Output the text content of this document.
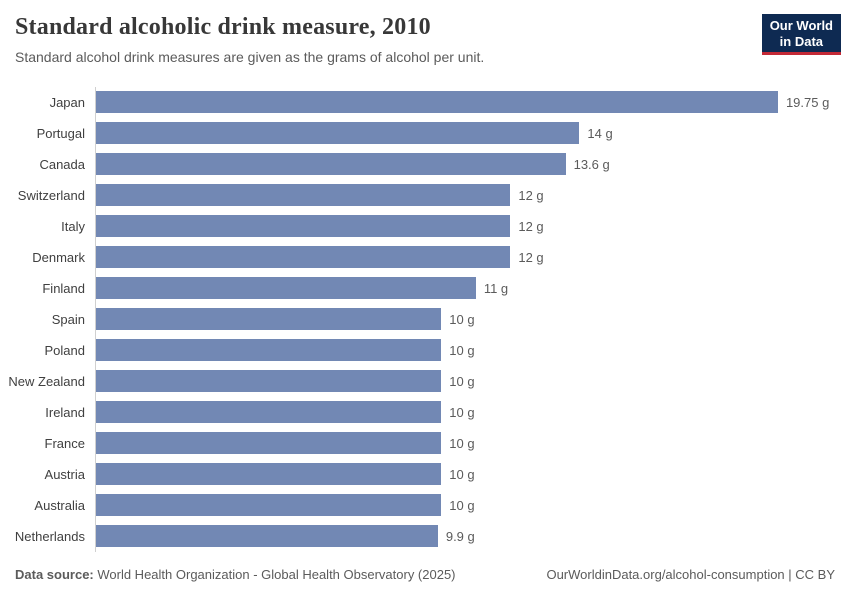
Standard alcoholic drink measure, 2010
Standard alcohol drink measures are given as the grams of alcohol per unit.
Our World
in Data
Japan	19.75 g
Portugal	14 g
Canada	13.6 g
Switzerland	12 g
Italy	12 g
Denmark	12 g
Finland	11 g
Spain	10 g
Poland	10 g
New Zealand	10 g
Ireland	10 g
France	10 g
Austria	10 g
Australia	10 g
Netherlands	9.9 g
Data source: World Health Organization - Global Health Observatory (2025)	OurWorldinData.org/alcohol-consumption | CC BY
